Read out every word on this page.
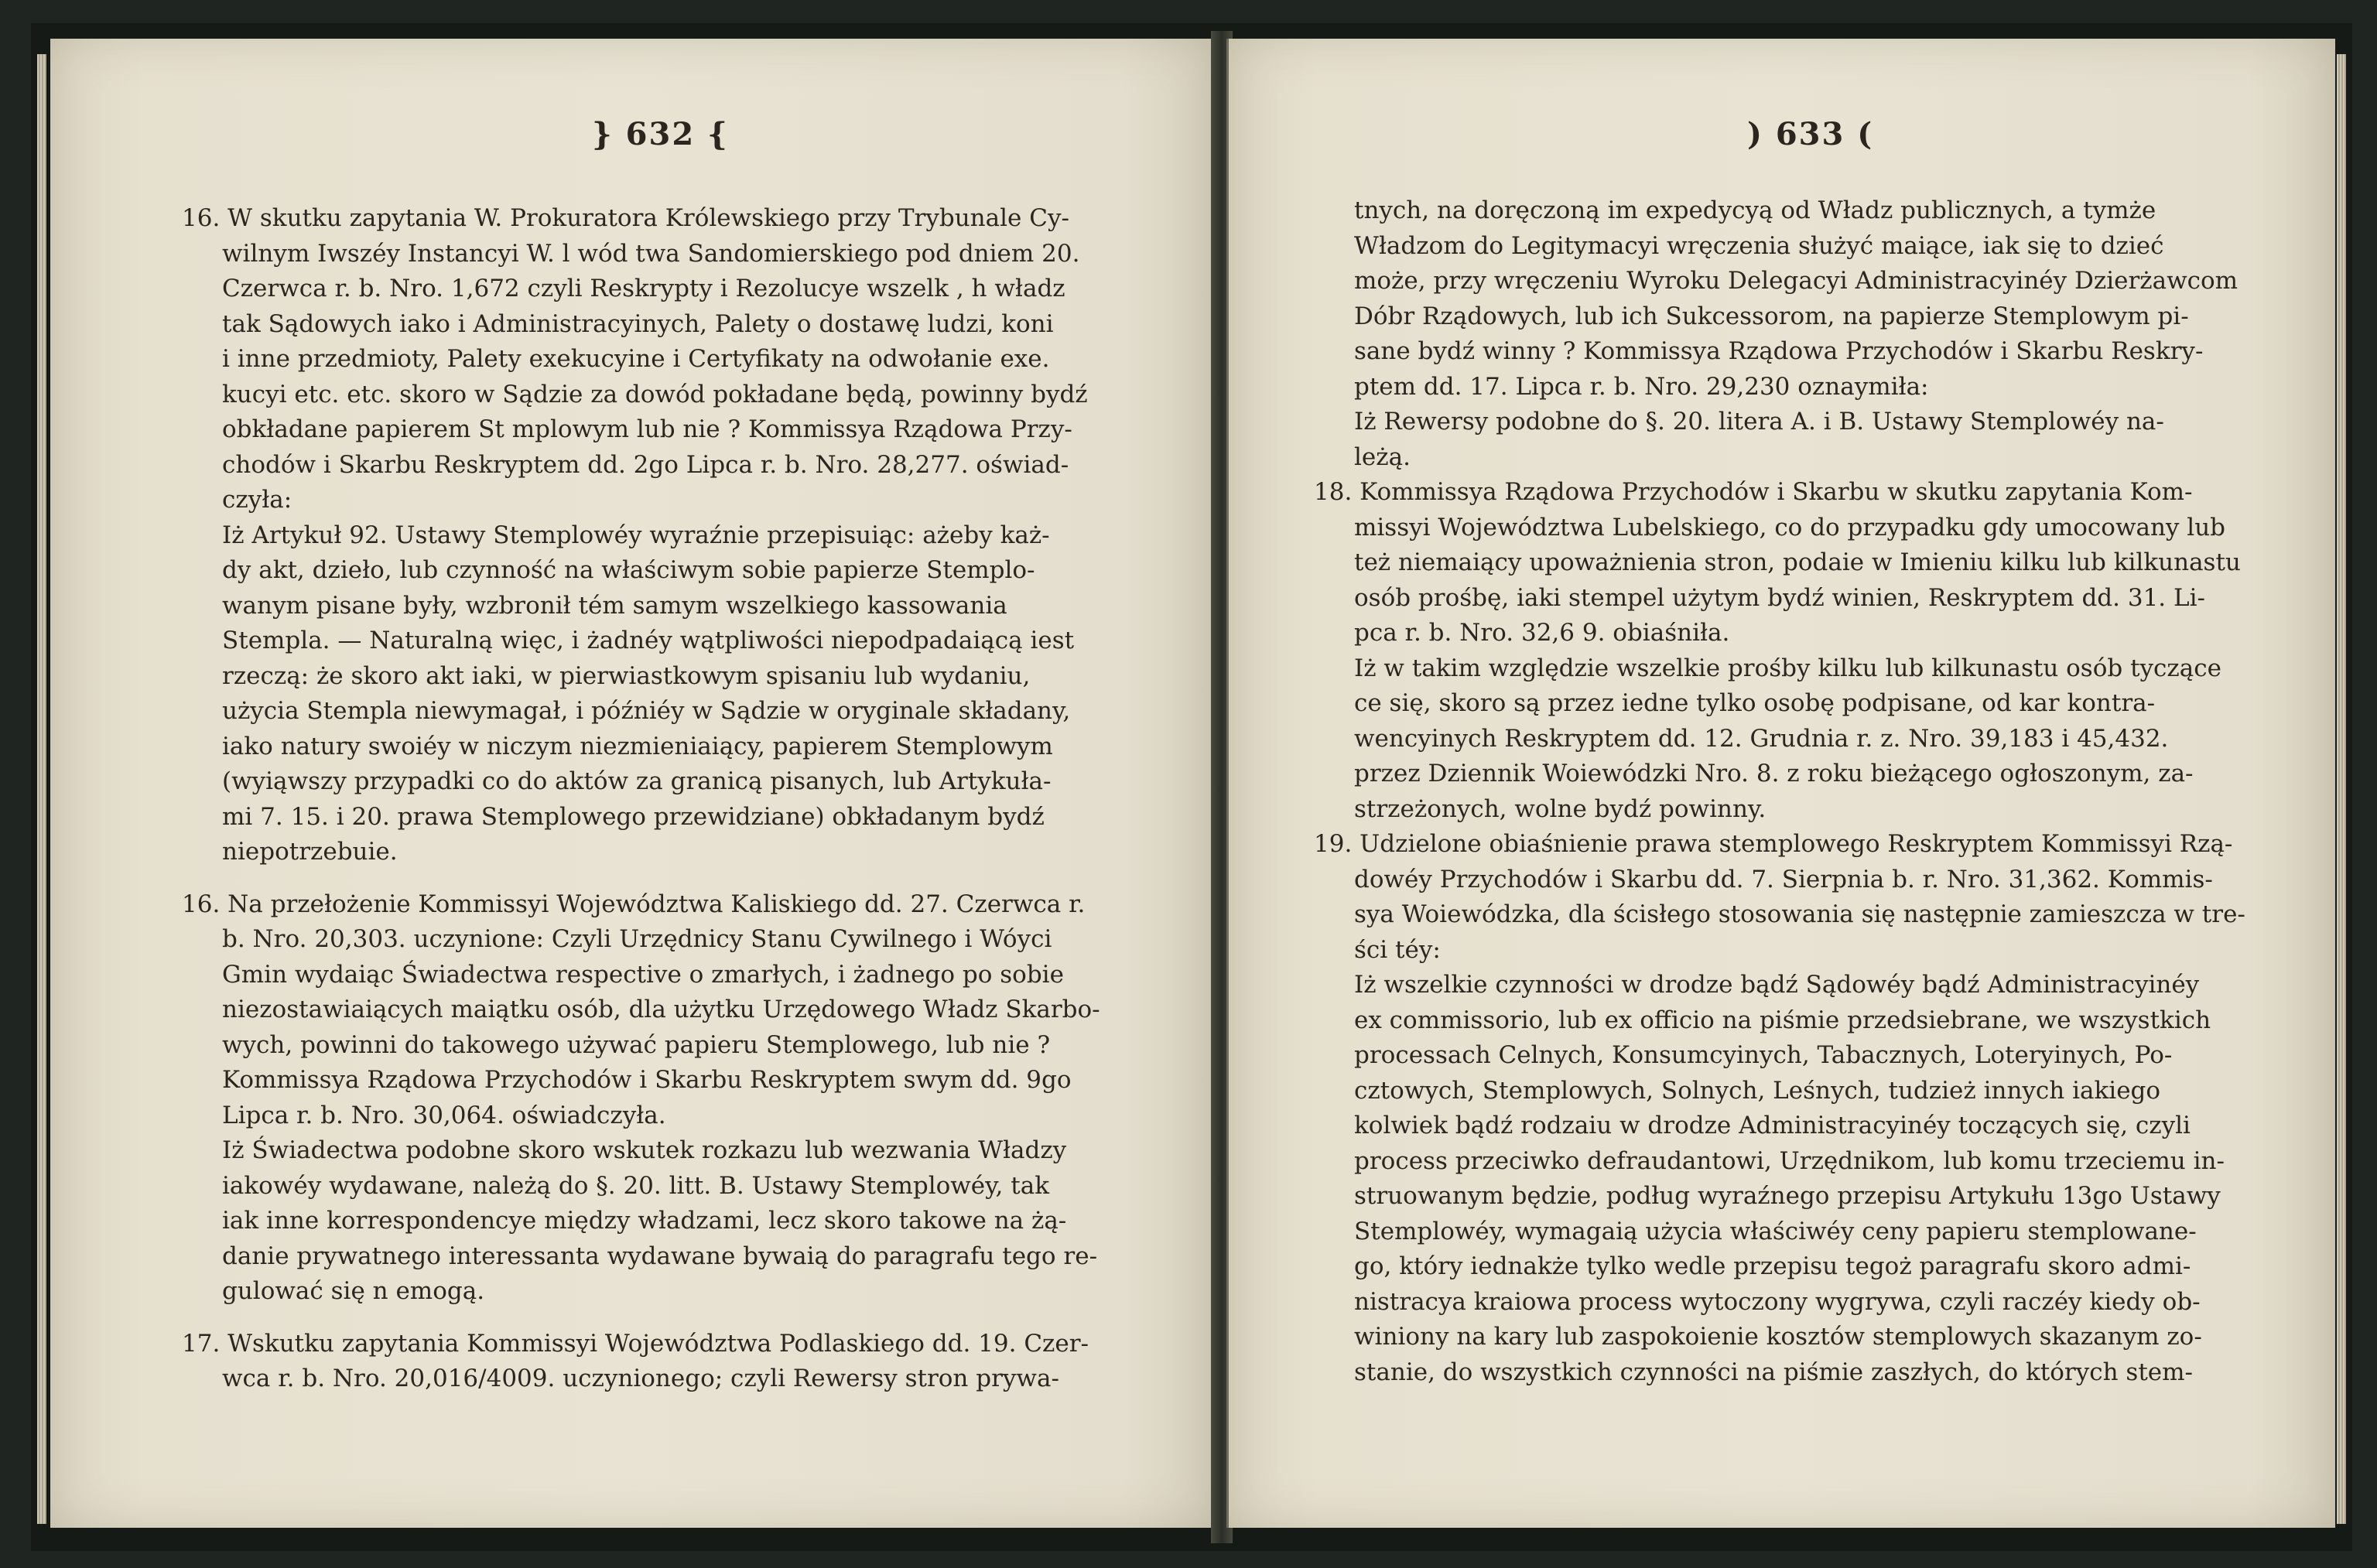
} 632 {
16. W skutku zapytania W. Prokuratora Królewskiego przy Trybunale Cy-
wilnym Iwszéy Instancyi W. l wód twa Sandomierskiego pod dniem 20.
Czerwca r. b. Nro. 1,672 czyli Reskrypty i Rezolucye wszelk , h władz
tak Sądowych iako i Administracyinych, Palety o dostawę ludzi, koni
i inne przedmioty, Palety exekucyine i Certyfikaty na odwołanie exe.
kucyi etc. etc. skoro w Sądzie za dowód pokładane będą, powinny bydź
obkładane papierem St mplowym lub nie ? Kommissya Rządowa Przy-
chodów i Skarbu Reskryptem dd. 2go Lipca r. b. Nro. 28,277. oświad-
czyła:
Iż Artykuł 92. Ustawy Stemplowéy wyraźnie przepisuiąc: ażeby każ-
dy akt, dzieło, lub czynność na właściwym sobie papierze Stemplo-
wanym pisane były, wzbronił tém samym wszelkiego kassowania
Stempla. — Naturalną więc, i żadnéy wątpliwości niepodpadaiącą iest
rzeczą: że skoro akt iaki, w pierwiastkowym spisaniu lub wydaniu,
użycia Stempla niewymagał, i późniéy w Sądzie w oryginale składany,
iako natury swoiéy w niczym niezmieniaiący, papierem Stemplowym
(wyiąwszy przypadki co do aktów za granicą pisanych, lub Artykuła-
mi 7. 15. i 20. prawa Stemplowego przewidziane) obkładanym bydź
niepotrzebuie.
16. Na przełożenie Kommissyi Województwa Kaliskiego dd. 27. Czerwca r.
b. Nro. 20,303. uczynione: Czyli Urzędnicy Stanu Cywilnego i Wóyci
Gmin wydaiąc Świadectwa respective o zmarłych, i żadnego po sobie
niezostawiaiących maiątku osób, dla użytku Urzędowego Władz Skarbo-
wych, powinni do takowego używać papieru Stemplowego, lub nie ?
Kommissya Rządowa Przychodów i Skarbu Reskryptem swym dd. 9go
Lipca r. b. Nro. 30,064. oświadczyła.
Iż Świadectwa podobne skoro wskutek rozkazu lub wezwania Władzy
iakowéy wydawane, należą do §. 20. litt. B. Ustawy Stemplowéy, tak
iak inne korrespondencye między władzami, lecz skoro takowe na żą-
danie prywatnego interessanta wydawane bywaią do paragrafu tego re-
gulować się n emogą.
17. Wskutku zapytania Kommissyi Województwa Podlaskiego dd. 19. Czer-
wca r. b. Nro. 20,016/4009. uczynionego; czyli Rewersy stron prywa-
) 633 (
tnych, na doręczoną im expedycyą od Władz publicznych, a tymże
Władzom do Legitymacyi wręczenia służyć maiące, iak się to dzieć
może, przy wręczeniu Wyroku Delegacyi Administracyinéy Dzierżawcom
Dóbr Rządowych, lub ich Sukcessorom, na papierze Stemplowym pi-
sane bydź winny ? Kommissya Rządowa Przychodów i Skarbu Reskry-
ptem dd. 17. Lipca r. b. Nro. 29,230 oznaymiła:
Iż Rewersy podobne do §. 20. litera A. i B. Ustawy Stemplowéy na-
leżą.
18. Kommissya Rządowa Przychodów i Skarbu w skutku zapytania Kom-
missyi Województwa Lubelskiego, co do przypadku gdy umocowany lub
też niemaiący upoważnienia stron, podaie w Imieniu kilku lub kilkunastu
osób prośbę, iaki stempel użytym bydź winien, Reskryptem dd. 31. Li-
pca r. b. Nro. 32,6 9. obiaśniła.
Iż w takim względzie wszelkie prośby kilku lub kilkunastu osób tyczące
ce się, skoro są przez iedne tylko osobę podpisane, od kar kontra-
wencyinych Reskryptem dd. 12. Grudnia r. z. Nro. 39,183 i 45,432.
przez Dziennik Woiewódzki Nro. 8. z roku bieżącego ogłoszonym, za-
strzeżonych, wolne bydź powinny.
19. Udzielone obiaśnienie prawa stemplowego Reskryptem Kommissyi Rzą-
dowéy Przychodów i Skarbu dd. 7. Sierpnia b. r. Nro. 31,362. Kommis-
sya Woiewódzka, dla ścisłego stosowania się następnie zamieszcza w tre-
ści téy:
Iż wszelkie czynności w drodze bądź Sądowéy bądź Administracyinéy
ex commissorio, lub ex officio na piśmie przedsiebrane, we wszystkich
processach Celnych, Konsumcyinych, Tabacznych, Loteryinych, Po-
cztowych, Stemplowych, Solnych, Leśnych, tudzież innych iakiego
kolwiek bądź rodzaiu w drodze Administracyinéy toczących się, czyli
process przeciwko defraudantowi, Urzędnikom, lub komu trzeciemu in-
struowanym będzie, podług wyraźnego przepisu Artykułu 13go Ustawy
Stemplowéy, wymagaią użycia właściwéy ceny papieru stemplowane-
go, który iednakże tylko wedle przepisu tegoż paragrafu skoro admi-
nistracya kraiowa process wytoczony wygrywa, czyli raczéy kiedy ob-
winiony na kary lub zaspokoienie kosztów stemplowych skazanym zo-
stanie, do wszystkich czynności na piśmie zaszłych, do których stem-
